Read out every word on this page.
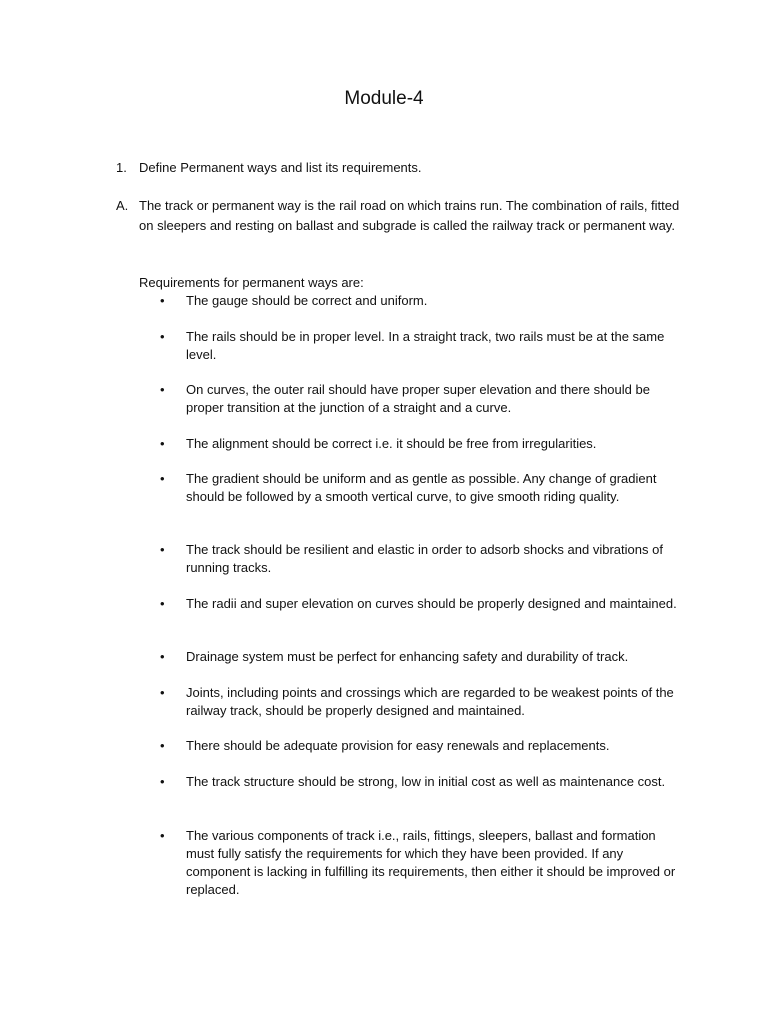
Module-4
1. Define Permanent ways and list its requirements.
A. The track or permanent way is the rail road on which trains run. The combination of rails, fitted on sleepers and resting on ballast and subgrade is called the railway track or permanent way.
Requirements for permanent ways are:
•	The gauge should be correct and uniform.
•	The rails should be in proper level. In a straight track, two rails must be at the same level.
•	On curves, the outer rail should have proper super elevation and there should be proper transition at the junction of a straight and a curve.
•	The alignment should be correct i.e. it should be free from irregularities.
•	The gradient should be uniform and as gentle as possible. Any change of gradient should be followed by a smooth vertical curve, to give smooth riding quality.
•	The track should be resilient and elastic in order to adsorb shocks and vibrations of running tracks.
•	The radii and super elevation on curves should be properly designed and maintained.
•	Drainage system must be perfect for enhancing safety and durability of track.
•	Joints, including points and crossings which are regarded to be weakest points of the railway track, should be properly designed and maintained.
•	There should be adequate provision for easy renewals and replacements.
•	The track structure should be strong, low in initial cost as well as maintenance cost.
•	The various components of track i.e., rails, fittings, sleepers, ballast and formation must fully satisfy the requirements for which they have been provided. If any component is lacking in fulfilling its requirements, then either it should be improved or replaced.
